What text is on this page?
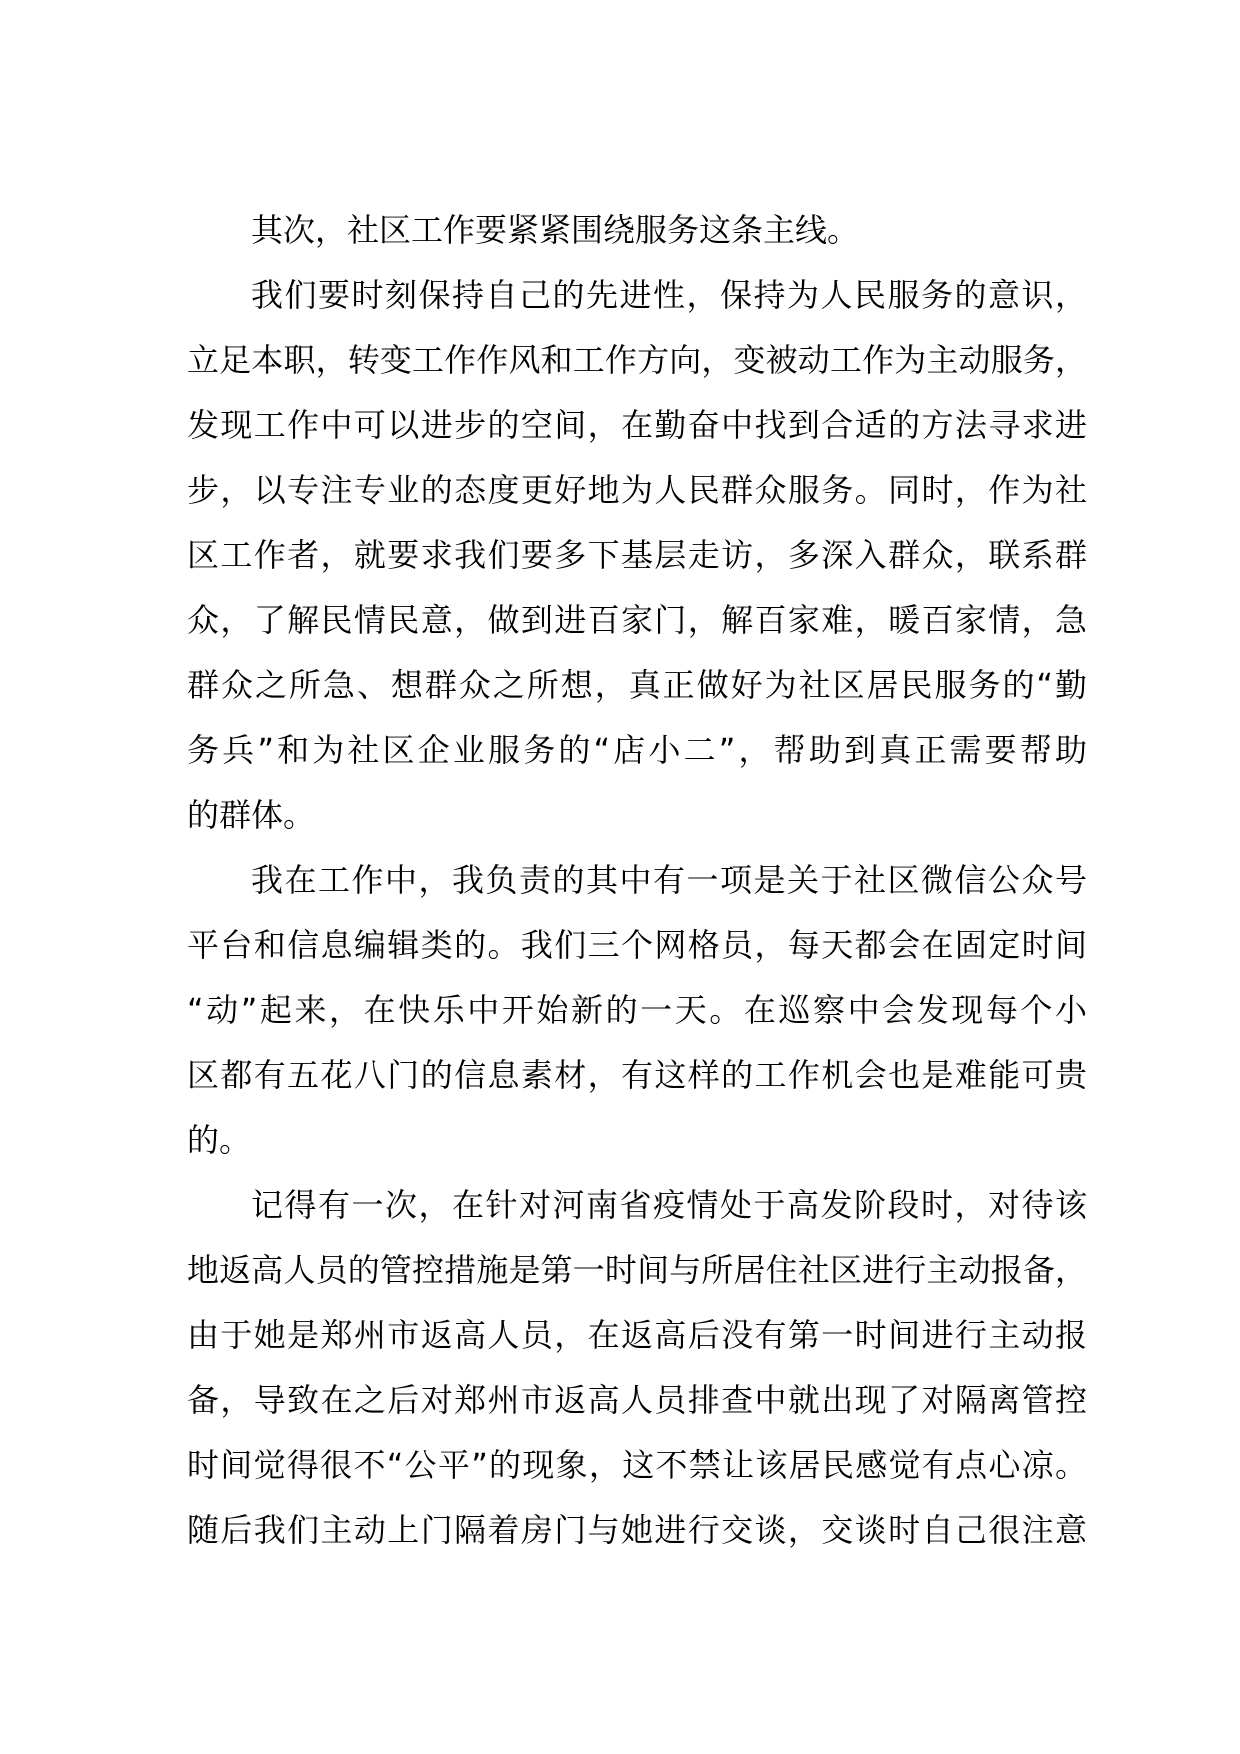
其次，社区工作要紧紧围绕服务这条主线。
我们要时刻保持自己的先进性，保持为人民服务的意识，
立足本职，转变工作作风和工作方向，变被动工作为主动服务，
发现工作中可以进步的空间，在勤奋中找到合适的方法寻求进
步，以专注专业的态度更好地为人民群众服务。同时，作为社
区工作者，就要求我们要多下基层走访，多深入群众，联系群
众，了解民情民意，做到进百家门，解百家难，暖百家情，急
群众之所急、想群众之所想，真正做好为社区居民服务的“勤
务兵”和为社区企业服务的“店小二”，帮助到真正需要帮助
的群体。
我在工作中，我负责的其中有一项是关于社区微信公众号
平台和信息编辑类的。我们三个网格员，每天都会在固定时间
“动”起来，在快乐中开始新的一天。在巡察中会发现每个小
区都有五花八门的信息素材，有这样的工作机会也是难能可贵
的。
记得有一次，在针对河南省疫情处于高发阶段时，对待该
地返高人员的管控措施是第一时间与所居住社区进行主动报备，
由于她是郑州市返高人员，在返高后没有第一时间进行主动报
备，导致在之后对郑州市返高人员排查中就出现了对隔离管控
时间觉得很不“公平”的现象，这不禁让该居民感觉有点心凉。
随后我们主动上门隔着房门与她进行交谈，交谈时自己很注意
